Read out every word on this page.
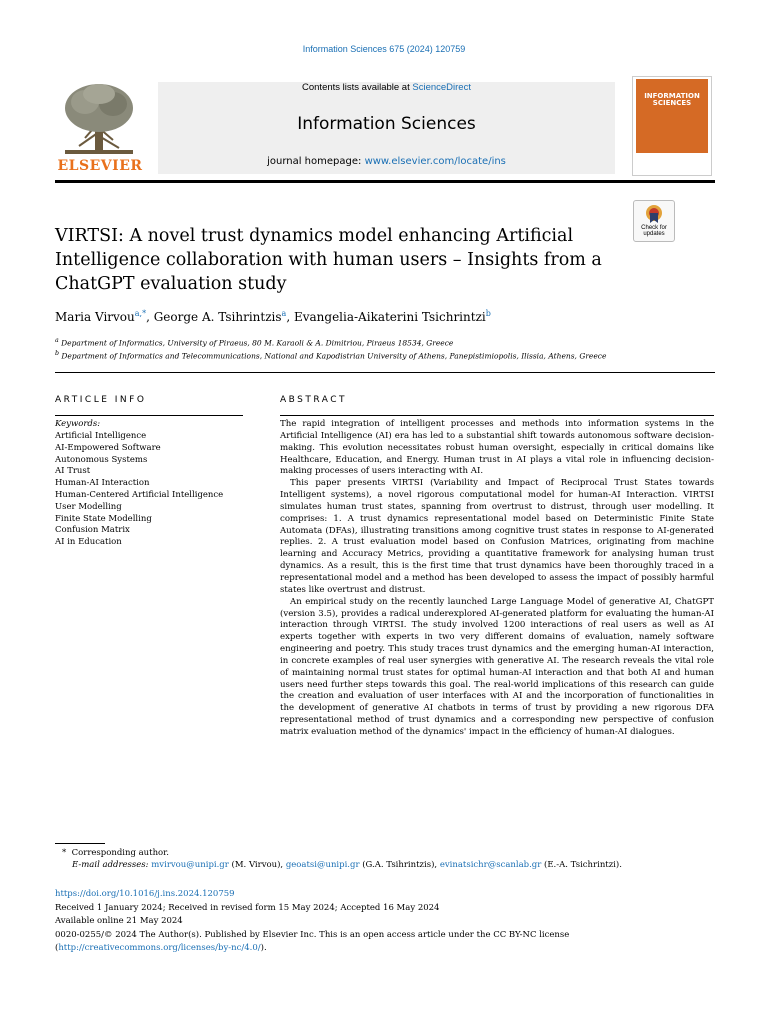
Information Sciences 675 (2024) 120759
ELSEVIER
Contents lists available at ScienceDirect
Information Sciences
journal homepage: www.elsevier.com/locate/ins
INFORMATION SCIENCES
Check for
updates
VIRTSI: A novel trust dynamics model enhancing Artificial Intelligence collaboration with human users – Insights from a ChatGPT evaluation study
Maria Virvou$^{a,*}$, George A. Tsihrintzis$^a$, Evangelia-Aikaterini Tsichrintzi$^b$
$^a$ Department of Informatics, University of Piraeus, 80 M. Karaoli & A. Dimitriou, Piraeus 18534, Greece
$^b$ Department of Informatics and Telecommunications, National and Kapodistrian University of Athens, Panepistimiopolis, Ilissia, Athens, Greece
ARTICLE INFO	ABSTRACT
Keywords:
Artificial Intelligence
AI-Empowered Software
Autonomous Systems
AI Trust
Human-AI Interaction
Human-Centered Artificial Intelligence
User Modelling
Finite State Modelling
Confusion Matrix
AI in Education

The rapid integration of intelligent processes and methods into information systems in the Artificial Intelligence (AI) era has led to a substantial shift towards autonomous software decision-making. This evolution necessitates robust human oversight, especially in critical domains like Healthcare, Education, and Energy. Human trust in AI plays a vital role in influencing decision-making processes of users interacting with AI.

This paper presents VIRTSI (Variability and Impact of Reciprocal Trust States towards Intelligent systems), a novel rigorous computational model for human-AI Interaction. VIRTSI simulates human trust states, spanning from overtrust to distrust, through user modelling. It comprises: 1. A trust dynamics representational model based on Deterministic Finite State Automata (DFAs), illustrating transitions among cognitive trust states in response to AI-generated replies. 2. A trust evaluation model based on Confusion Matrices, originating from machine learning and Accuracy Metrics, providing a quantitative framework for analysing human trust dynamics. As a result, this is the first time that trust dynamics have been thoroughly traced in a representational model and a method has been developed to assess the impact of possibly harmful states like overtrust and distrust.

An empirical study on the recently launched Large Language Model of generative AI, ChatGPT (version 3.5), provides a radical underexplored AI-generated platform for evaluating the human-AI interaction through VIRTSI. The study involved 1200 interactions of real users as well as AI experts together with experts in two very different domains of evaluation, namely software engineering and poetry. This study traces trust dynamics and the emerging human-AI interaction, in concrete examples of real user synergies with generative AI. The research reveals the vital role of maintaining normal trust states for optimal human-AI interaction and that both AI and human users need further steps towards this goal. The real-world implications of this research can guide the creation and evaluation of user interfaces with AI and the incorporation of functionalities in the development of generative AI chatbots in terms of trust by providing a new rigorous DFA representational method of trust dynamics and a corresponding new perspective of confusion matrix evaluation method of the dynamics' impact in the efficiency of human-AI dialogues.

* Corresponding author.
E-mail addresses: mvirvou@unipi.gr (M. Virvou), geoatsi@unipi.gr (G.A. Tsihrintzis), evinatsichr@scanlab.gr (E.-A. Tsichrintzi).
https://doi.org/10.1016/j.ins.2024.120759
Received 1 January 2024; Received in revised form 15 May 2024; Accepted 16 May 2024
Available online 21 May 2024
0020-0255/© 2024 The Author(s). Published by Elsevier Inc. This is an open access article under the CC BY-NC license
(http://creativecommons.org/licenses/by-nc/4.0/).
